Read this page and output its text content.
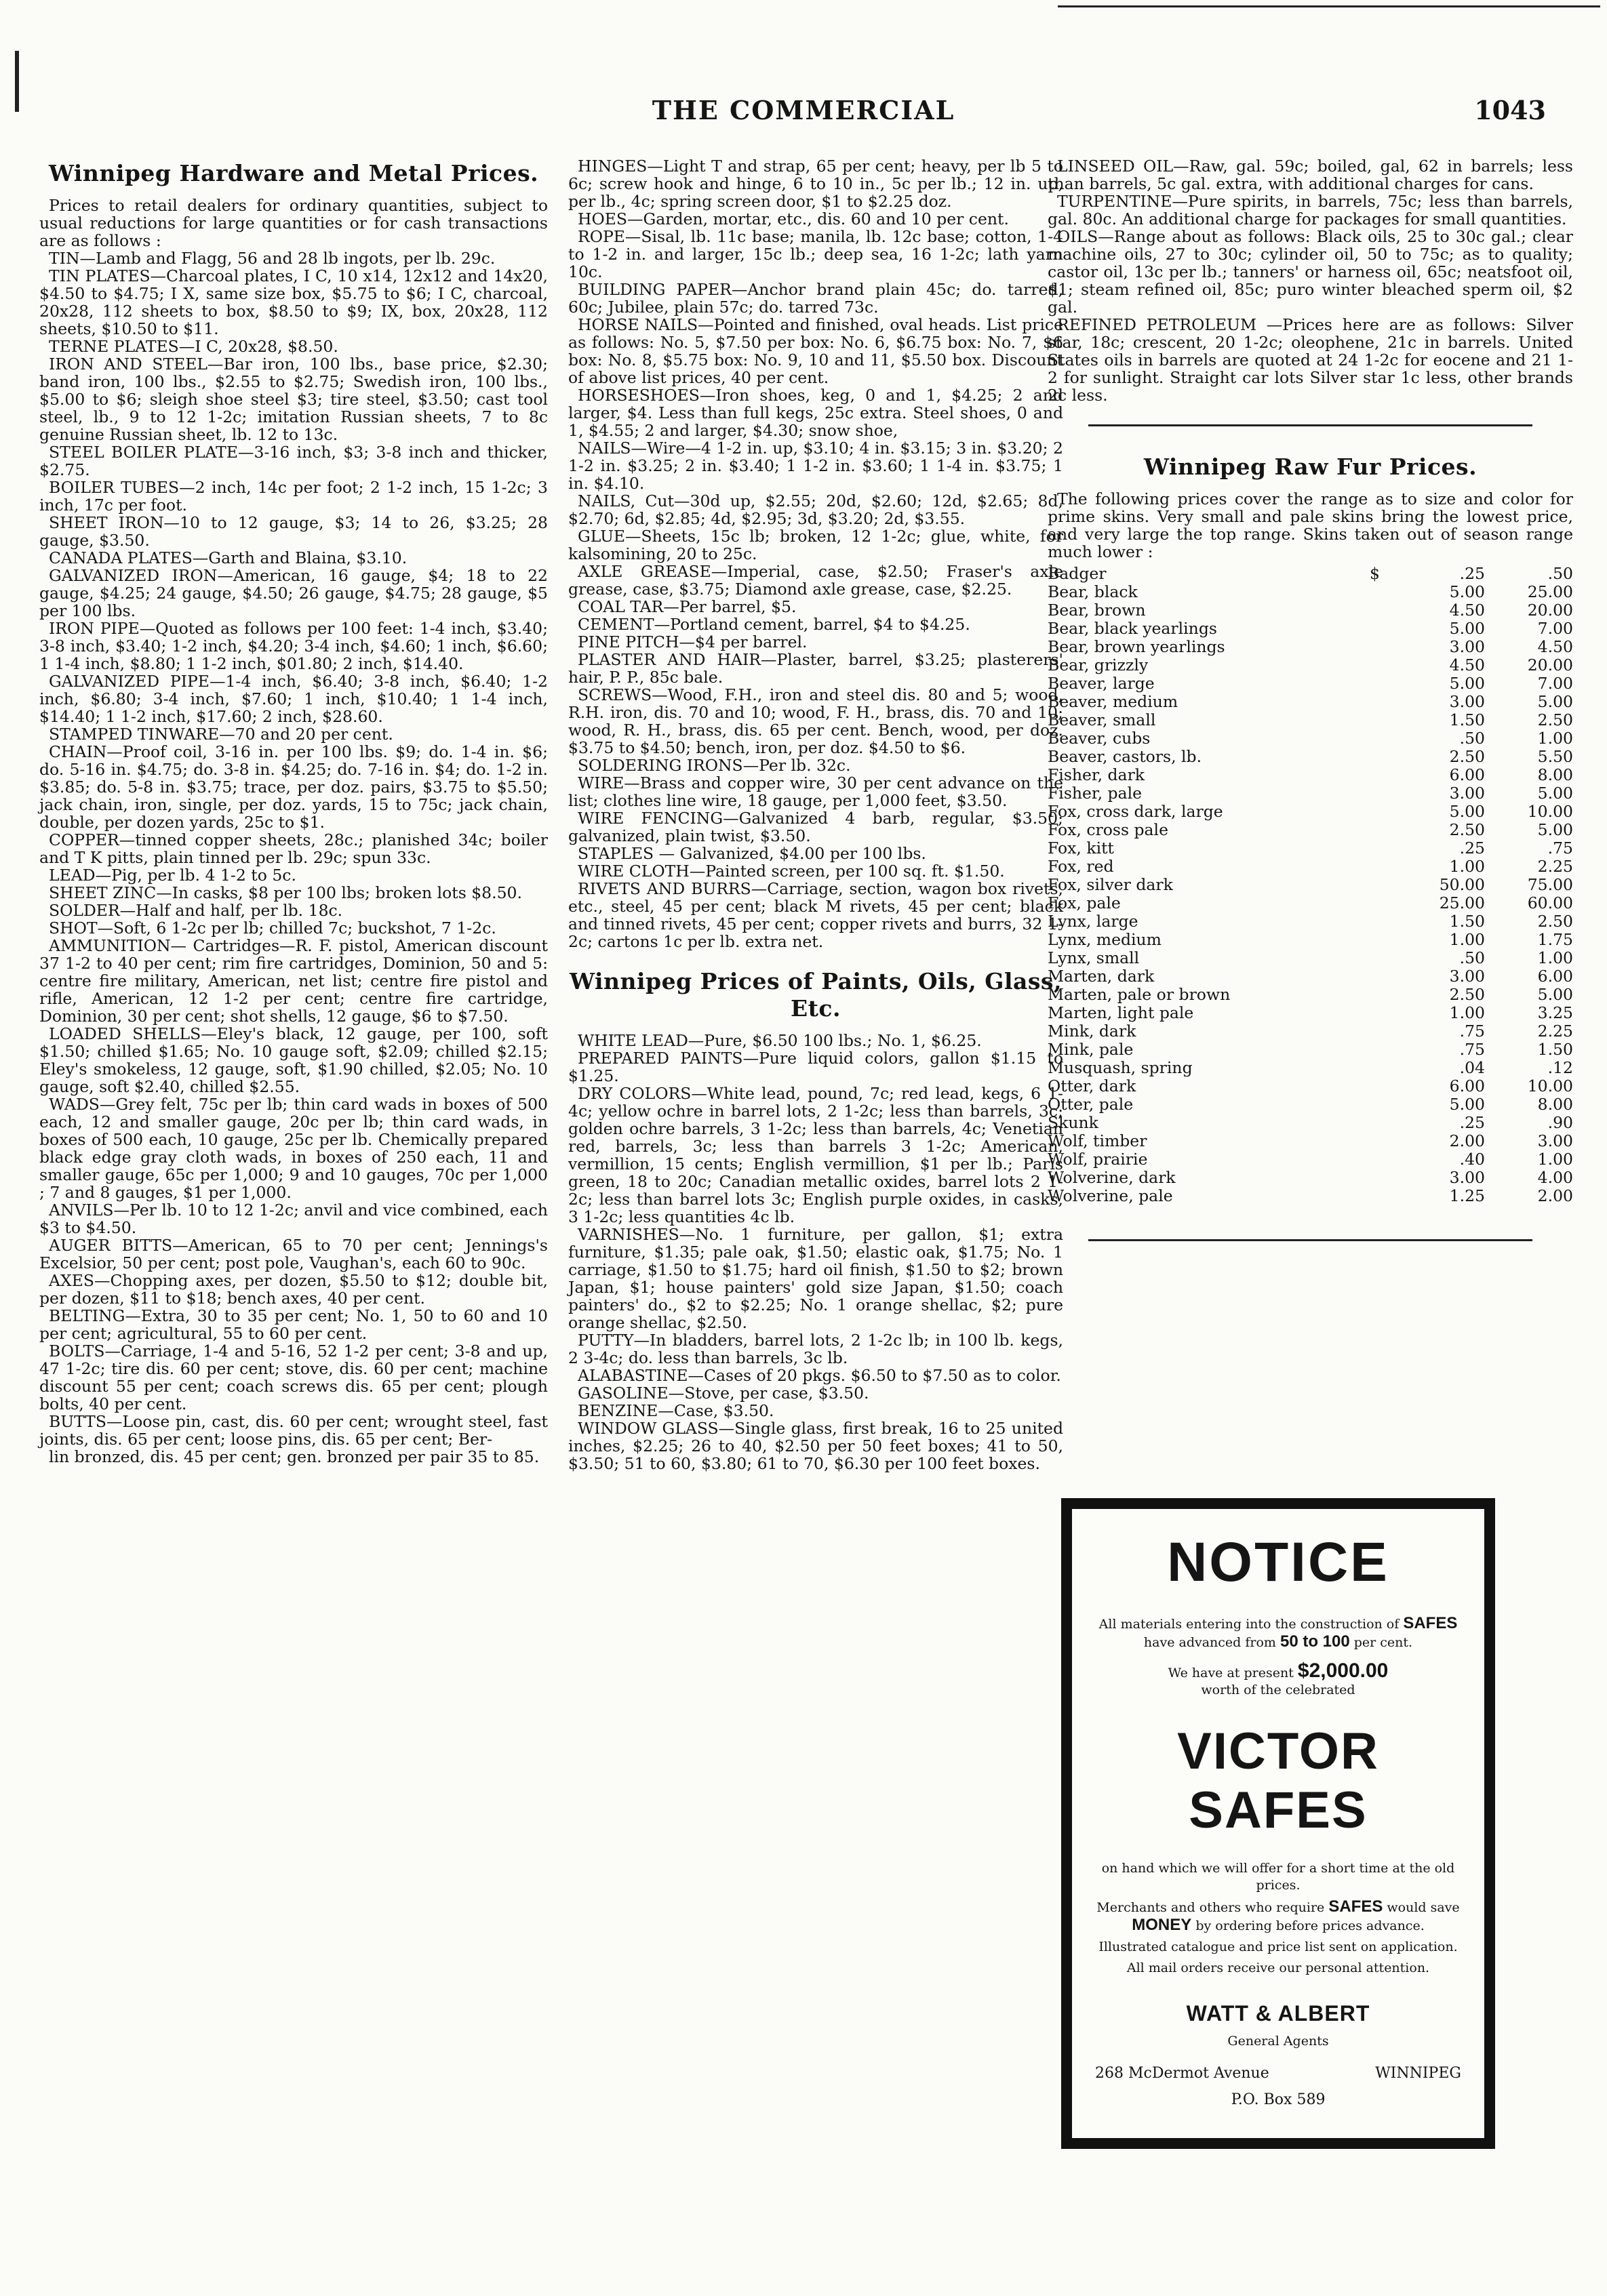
THE COMMERCIAL	1043
Winnipeg Hardware and Metal Prices.

Prices to retail dealers for ordinary quantities, subject to usual reductions for large quantities or for cash transactions are as follows :

TIN—Lamb and Flagg, 56 and 28 lb ingots, per lb. 29c.

TIN PLATES—Charcoal plates, I C, 10 x14, 12x12 and 14x20, $4.50 to $4.75; I X, same size box, $5.75 to $6; I C, charcoal, 20x28, 112 sheets to box, $8.50 to $9; IX, box, 20x28, 112 sheets, $10.50 to $11.

TERNE PLATES—I C, 20x28, $8.50.

IRON AND STEEL—Bar iron, 100 lbs., base price, $2.30; band iron, 100 lbs., $2.55 to $2.75; Swedish iron, 100 lbs., $5.00 to $6; sleigh shoe steel $3; tire steel, $3.50; cast tool steel, lb., 9 to 12 1-2c; imitation Russian sheets, 7 to 8c genuine Russian sheet, lb. 12 to 13c.

STEEL BOILER PLATE—3-16 inch, $3; 3-8 inch and thicker, $2.75.

BOILER TUBES—2 inch, 14c per foot; 2 1-2 inch, 15 1-2c; 3 inch, 17c per foot.

SHEET IRON—10 to 12 gauge, $3; 14 to 26, $3.25; 28 gauge, $3.50.

CANADA PLATES—Garth and Blaina, $3.10.

GALVANIZED IRON—American, 16 gauge, $4; 18 to 22 gauge, $4.25; 24 gauge, $4.50; 26 gauge, $4.75; 28 gauge, $5 per 100 lbs.

IRON PIPE—Quoted as follows per 100 feet: 1-4 inch, $3.40; 3-8 inch, $3.40; 1-2 inch, $4.20; 3-4 inch, $4.60; 1 inch, $6.60; 1 1-4 inch, $8.80; 1 1-2 inch, $01.80; 2 inch, $14.40.

GALVANIZED PIPE—1-4 inch, $6.40; 3-8 inch, $6.40; 1-2 inch, $6.80; 3-4 inch, $7.60; 1 inch, $10.40; 1 1-4 inch, $14.40; 1 1-2 inch, $17.60; 2 inch, $28.60.

STAMPED TINWARE—70 and 20 per cent.

CHAIN—Proof coil, 3-16 in. per 100 lbs. $9; do. 1-4 in. $6; do. 5-16 in. $4.75; do. 3-8 in. $4.25; do. 7-16 in. $4; do. 1-2 in. $3.85; do. 5-8 in. $3.75; trace, per doz. pairs, $3.75 to $5.50; jack chain, iron, single, per doz. yards, 15 to 75c; jack chain, double, per dozen yards, 25c to $1.

COPPER—tinned copper sheets, 28c.; planished 34c; boiler and T K pitts, plain tinned per lb. 29c; spun 33c.

LEAD—Pig, per lb. 4 1-2 to 5c.

SHEET ZINC—In casks, $8 per 100 lbs; broken lots $8.50.

SOLDER—Half and half, per lb. 18c.

SHOT—Soft, 6 1-2c per lb; chilled 7c; buckshot, 7 1-2c.

AMMUNITION— Cartridges—R. F. pistol, American discount 37 1-2 to 40 per cent; rim fire cartridges, Dominion, 50 and 5: centre fire military, American, net list; centre fire pistol and rifle, American, 12 1-2 per cent; centre fire cartridge, Dominion, 30 per cent; shot shells, 12 gauge, $6 to $7.50.

LOADED SHELLS—Eley's black, 12 gauge, per 100, soft $1.50; chilled $1.65; No. 10 gauge soft, $2.09; chilled $2.15; Eley's smokeless, 12 gauge, soft, $1.90 chilled, $2.05; No. 10 gauge, soft $2.40, chilled $2.55.

WADS—Grey felt, 75c per lb; thin card wads in boxes of 500 each, 12 and smaller gauge, 20c per lb; thin card wads, in boxes of 500 each, 10 gauge, 25c per lb. Chemically prepared black edge gray cloth wads, in boxes of 250 each, 11 and smaller gauge, 65c per 1,000; 9 and 10 gauges, 70c per 1,000 ; 7 and 8 gauges, $1 per 1,000.

ANVILS—Per lb. 10 to 12 1-2c; anvil and vice combined, each $3 to $4.50.

AUGER BITTS—American, 65 to 70 per cent; Jennings's Excelsior, 50 per cent; post pole, Vaughan's, each 60 to 90c.

AXES—Chopping axes, per dozen, $5.50 to $12; double bit, per dozen, $11 to $18; bench axes, 40 per cent.

BELTING—Extra, 30 to 35 per cent; No. 1, 50 to 60 and 10 per cent; agricultural, 55 to 60 per cent.

BOLTS—Carriage, 1-4 and 5-16, 52 1-2 per cent; 3-8 and up, 47 1-2c; tire dis. 60 per cent; stove, dis. 60 per cent; machine discount 55 per cent; coach screws dis. 65 per cent; plough bolts, 40 per cent.

BUTTS—Loose pin, cast, dis. 60 per cent; wrought steel, fast joints, dis. 65 per cent; loose pins, dis. 65 per cent; Ber-

lin bronzed, dis. 45 per cent; gen. bronzed per pair 35 to 85.

HINGES—Light T and strap, 65 per cent; heavy, per lb 5 to 6c; screw hook and hinge, 6 to 10 in., 5c per lb.; 12 in. up, per lb., 4c; spring screen door, $1 to $2.25 doz.

HOES—Garden, mortar, etc., dis. 60 and 10 per cent.

ROPE—Sisal, lb. 11c base; manila, lb. 12c base; cotton, 1-4 to 1-2 in. and larger, 15c lb.; deep sea, 16 1-2c; lath yarn 10c.

BUILDING PAPER—Anchor brand plain 45c; do. tarred, 60c; Jubilee, plain 57c; do. tarred 73c.

HORSE NAILS—Pointed and finished, oval heads. List price as follows: No. 5, $7.50 per box: No. 6, $6.75 box: No. 7, $6 box: No. 8, $5.75 box: No. 9, 10 and 11, $5.50 box. Discount of above list prices, 40 per cent.

HORSESHOES—Iron shoes, keg, 0 and 1, $4.25; 2 and larger, $4. Less than full kegs, 25c extra. Steel shoes, 0 and 1, $4.55; 2 and larger, $4.30; snow shoe,

NAILS—Wire—4 1-2 in. up, $3.10; 4 in. $3.15; 3 in. $3.20; 2 1-2 in. $3.25; 2 in. $3.40; 1 1-2 in. $3.60; 1 1-4 in. $3.75; 1 in. $4.10.

NAILS, Cut—30d up, $2.55; 20d, $2.60; 12d, $2.65; 8d, $2.70; 6d, $2.85; 4d, $2.95; 3d, $3.20; 2d, $3.55.

GLUE—Sheets, 15c lb; broken, 12 1-2c; glue, white, for kalsomining, 20 to 25c.

AXLE GREASE—Imperial, case, $2.50; Fraser's axle grease, case, $3.75; Diamond axle grease, case, $2.25.

COAL TAR—Per barrel, $5.

CEMENT—Portland cement, barrel, $4 to $4.25.

PINE PITCH—$4 per barrel.

PLASTER AND HAIR—Plaster, barrel, $3.25; plasterers' hair, P. P., 85c bale.

SCREWS—Wood, F.H., iron and steel dis. 80 and 5; wood, R.H. iron, dis. 70 and 10; wood, F. H., brass, dis. 70 and 10; wood, R. H., brass, dis. 65 per cent. Bench, wood, per doz. $3.75 to $4.50; bench, iron, per doz. $4.50 to $6.

SOLDERING IRONS—Per lb. 32c.

WIRE—Brass and copper wire, 30 per cent advance on the list; clothes line wire, 18 gauge, per 1,000 feet, $3.50.

WIRE FENCING—Galvanized 4 barb, regular, $3.50; galvanized, plain twist, $3.50.

STAPLES — Galvanized, $4.00 per 100 lbs.

WIRE CLOTH—Painted screen, per 100 sq. ft. $1.50.

RIVETS AND BURRS—Carriage, section, wagon box rivets, etc., steel, 45 per cent; black M rivets, 45 per cent; black and tinned rivets, 45 per cent; copper rivets and burrs, 32 1-2c; cartons 1c per lb. extra net.

Winnipeg Prices of Paints, Oils, Glass, Etc.

WHITE LEAD—Pure, $6.50 100 lbs.; No. 1, $6.25.

PREPARED PAINTS—Pure liquid colors, gallon $1.15 to $1.25.

DRY COLORS—White lead, pound, 7c; red lead, kegs, 6 1-4c; yellow ochre in barrel lots, 2 1-2c; less than barrels, 3c; golden ochre barrels, 3 1-2c; less than barrels, 4c; Venetian red, barrels, 3c; less than barrels 3 1-2c; American, vermillion, 15 cents; English vermillion, $1 per lb.; Paris green, 18 to 20c; Canadian metallic oxides, barrel lots 2 1-2c; less than barrel lots 3c; English purple oxides, in casks, 3 1-2c; less quantities 4c lb.

VARNISHES—No. 1 furniture, per gallon, $1; extra furniture, $1.35; pale oak, $1.50; elastic oak, $1.75; No. 1 carriage, $1.50 to $1.75; hard oil finish, $1.50 to $2; brown Japan, $1; house painters' gold size Japan, $1.50; coach painters' do., $2 to $2.25; No. 1 orange shellac, $2; pure orange shellac, $2.50.

PUTTY—In bladders, barrel lots, 2 1-2c lb; in 100 lb. kegs, 2 3-4c; do. less than barrels, 3c lb.

ALABASTINE—Cases of 20 pkgs. $6.50 to $7.50 as to color.

GASOLINE—Stove, per case, $3.50.

BENZINE—Case, $3.50.

WINDOW GLASS—Single glass, first break, 16 to 25 united inches, $2.25; 26 to 40, $2.50 per 50 feet boxes; 41 to 50, $3.50; 51 to 60, $3.80; 61 to 70, $6.30 per 100 feet boxes.

LINSEED OIL—Raw, gal. 59c; boiled, gal, 62 in barrels; less than barrels, 5c gal. extra, with additional charges for cans.

TURPENTINE—Pure spirits, in barrels, 75c; less than barrels, gal. 80c. An additional charge for packages for small quantities.

OILS—Range about as follows: Black oils, 25 to 30c gal.; clear machine oils, 27 to 30c; cylinder oil, 50 to 75c; as to quality; castor oil, 13c per lb.; tanners' or harness oil, 65c; neatsfoot oil, $1; steam refined oil, 85c; puro winter bleached sperm oil, $2 gal.

REFINED PETROLEUM —Prices here are as follows: Silver star, 18c; crescent, 20 1-2c; oleophene, 21c in barrels. United States oils in barrels are quoted at 24 1-2c for eocene and 21 1-2 for sunlight. Straight car lots Silver star 1c less, other brands 2c less.

Winnipeg Raw Fur Prices.

The following prices cover the range as to size and color for prime skins. Very small and pale skins bring the lowest price, and very large the top range. Skins taken out of season range much lower :

Badger	$	.25	.50
Bear, black		5.00	25.00
Bear, brown		4.50	20.00
Bear, black yearlings		5.00	7.00
Bear, brown yearlings		3.00	4.50
Bear, grizzly		4.50	20.00
Beaver, large		5.00	7.00
Beaver, medium		3.00	5.00
Beaver, small		1.50	2.50
Beaver, cubs		.50	1.00
Beaver, castors, lb.		2.50	5.50
Fisher, dark		6.00	8.00
Fisher, pale		3.00	5.00
Fox, cross dark, large		5.00	10.00
Fox, cross pale		2.50	5.00
Fox, kitt		.25	.75
Fox, red		1.00	2.25
Fox, silver dark		50.00	75.00
Fox, pale		25.00	60.00
Lynx, large		1.50	2.50
Lynx, medium		1.00	1.75
Lynx, small		.50	1.00
Marten, dark		3.00	6.00
Marten, pale or brown		2.50	5.00
Marten, light pale		1.00	3.25
Mink, dark		.75	2.25
Mink, pale		.75	1.50
Musquash, spring		.04	.12
Otter, dark		6.00	10.00
Otter, pale		5.00	8.00
Skunk		.25	.90
Wolf, timber		2.00	3.00
Wolf, prairie		.40	1.00
Wolverine, dark		3.00	4.00
Wolverine, pale		1.25	2.00
NOTICE

All materials entering into the construction of SAFES have advanced from 50 to 100 per cent.

We have at present $2,000.00
worth of the celebrated

VICTOR SAFES

on hand which we will offer for a short time at the old prices.

Merchants and others who require SAFES would save MONEY by ordering before prices advance.

Illustrated catalogue and price list sent on application.

All mail orders receive our personal attention.

WATT & ALBERT
General Agents
268 McDermot Avenue	WINNIPEG
P.O. Box 589
